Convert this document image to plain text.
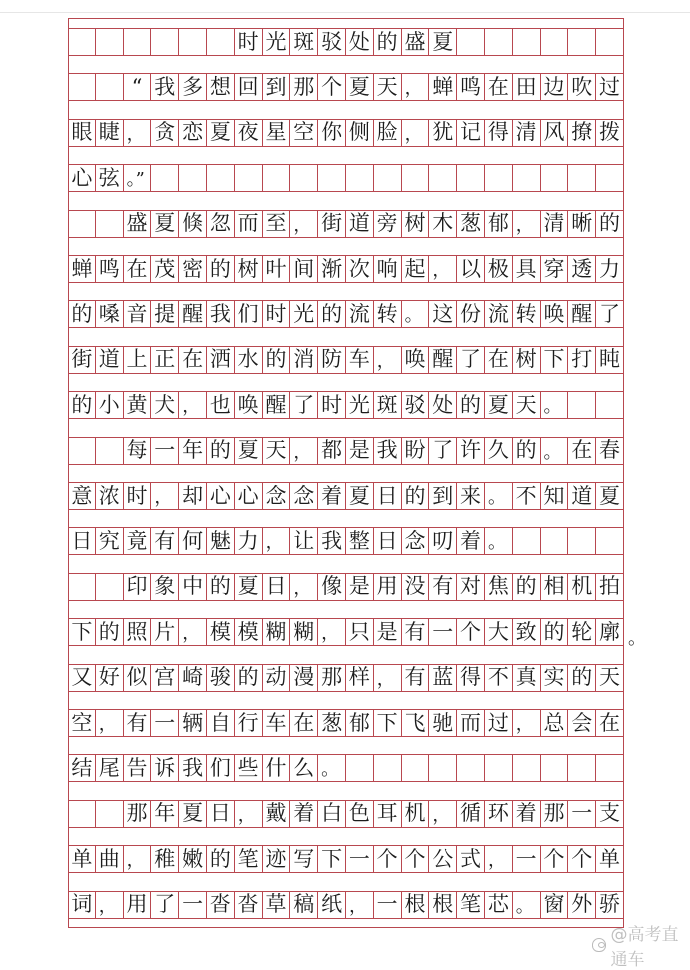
时 光 斑 驳 处 的 盛 夏
“ 我 多 想 回 到 那 个 夏 天 ， 蝉 鸣 在 田 边 吹 过
眼 睫 ， 贪 恋 夏 夜 星 空 你 侧 脸 ， 犹 记 得 清 风 撩 拨
心 弦 。”
盛 夏 倏 忽 而 至 ， 街 道 旁 树 木 葱 郁 ， 清 晰 的
蝉 鸣 在 茂 密 的 树 叶 间 渐 次 响 起 ， 以 极 具 穿 透 力
的 嗓 音 提 醒 我 们 时 光 的 流 转 。 这 份 流 转 唤 醒 了
街 道 上 正 在 洒 水 的 消 防 车 ， 唤 醒 了 在 树 下 打 盹
的 小 黄 犬 ， 也 唤 醒 了 时 光 斑 驳 处 的 夏 天 。
每 一 年 的 夏 天 ， 都 是 我 盼 了 许 久 的 。 在 春
意 浓 时 ， 却 心 心 念 念 着 夏 日 的 到 来 。 不 知 道 夏
日 究 竟 有 何 魅 力 ， 让 我 整 日 念 叨 着 。
印 象 中 的 夏 日 ， 像 是 用 没 有 对 焦 的 相 机 拍
下 的 照 片 ， 模 模 糊 糊 ， 只 是 有 一 个 大 致 的 轮 廓
又 好 似 宫 崎 骏 的 动 漫 那 样 ， 有 蓝 得 不 真 实 的 天
空 ， 有 一 辆 自 行 车 在 葱 郁 下 飞 驰 而 过 ， 总 会 在
结 尾 告 诉 我 们 些 什 么 。
那 年 夏 日 ， 戴 着 白 色 耳 机 ， 循 环 着 那 一 支
单 曲 ， 稚 嫩 的 笔 迹 写 下 一 个 个 公 式 ， 一 个 个 单
词 ， 用 了 一 沓 沓 草 稿 纸 ， 一 根 根 笔 芯 。 窗 外 骄
@高考直通车
。
